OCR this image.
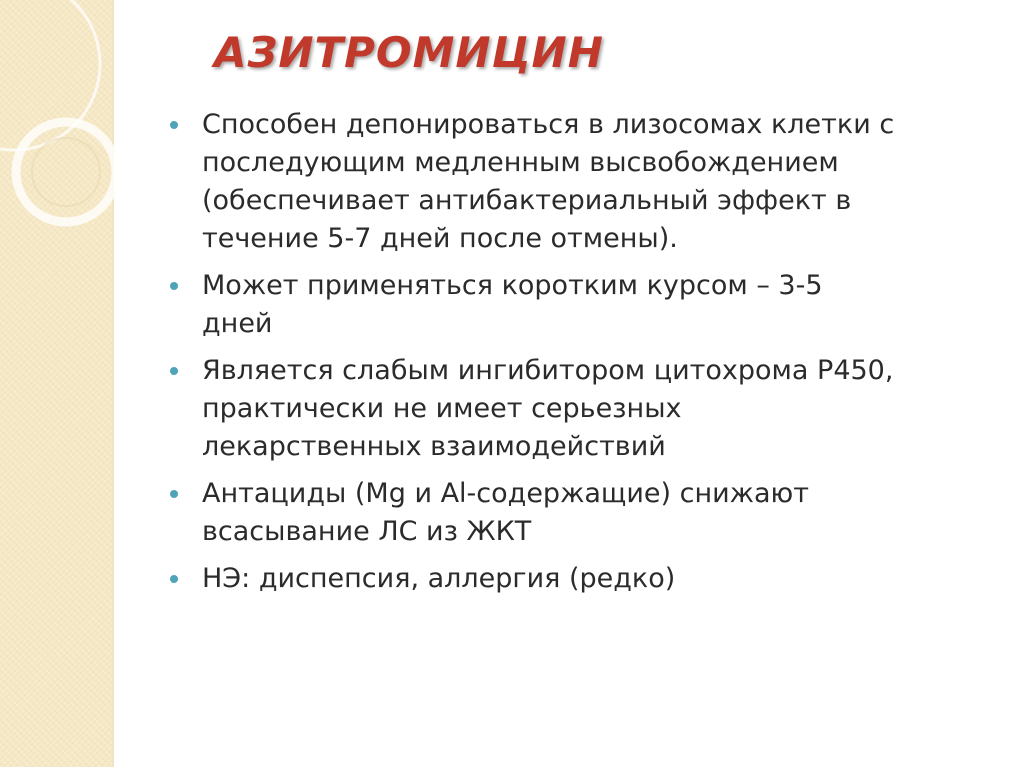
АЗИТРОМИЦИН
Способен депонироваться в лизосомах клетки с
последующим медленным высвобождением
(обеспечивает антибактериальный эффект в
течение 5-7 дней после отмены).
Может применяться коротким курсом – 3-5
дней
Является слабым ингибитором цитохрома P450,
практически не имеет серьезных
лекарственных взаимодействий
Антациды (Mg и Al-содержащие) снижают
всасывание ЛС из ЖКТ
НЭ: диспепсия, аллергия (редко)
